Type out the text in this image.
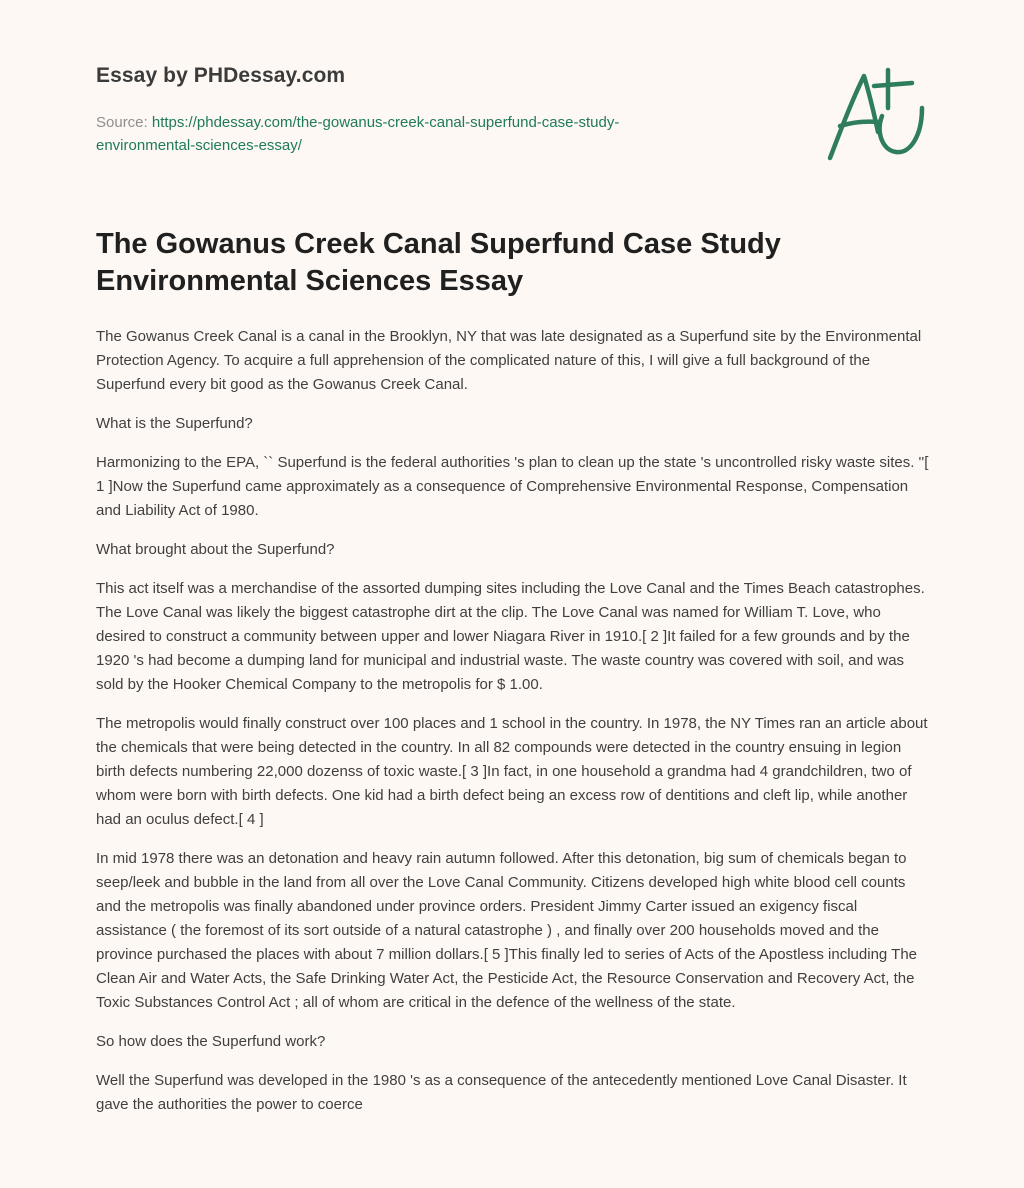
Essay by PHDessay.com

Source: https://phdessay.com/the-gowanus-creek-canal-superfund-case-study-
environmental-sciences-essay/

The Gowanus Creek Canal Superfund Case Study
Environmental Sciences Essay

The Gowanus Creek Canal is a canal in the Brooklyn, NY that was late designated as a Superfund site by the Environmental Protection Agency. To acquire a full apprehension of the complicated nature of this, I will give a full background of the Superfund every bit good as the Gowanus Creek Canal.

What is the Superfund?

Harmonizing to the EPA, `` Superfund is the federal authorities 's plan to clean up the state 's uncontrolled risky waste sites. ''[ 1 ]Now the Superfund came approximately as a consequence of Comprehensive Environmental Response, Compensation and Liability Act of 1980.

What brought about the Superfund?

This act itself was a merchandise of the assorted dumping sites including the Love Canal and the Times Beach catastrophes. The Love Canal was likely the biggest catastrophe dirt at the clip. The Love Canal was named for William T. Love, who desired to construct a community between upper and lower Niagara River in 1910.[ 2 ]It failed for a few grounds and by the 1920 's had become a dumping land for municipal and industrial waste. The waste country was covered with soil, and was sold by the Hooker Chemical Company to the metropolis for $ 1.00.

The metropolis would finally construct over 100 places and 1 school in the country. In 1978, the NY Times ran an article about the chemicals that were being detected in the country. In all 82 compounds were detected in the country ensuing in legion birth defects numbering 22,000 dozenss of toxic waste.[ 3 ]In fact, in one household a grandma had 4 grandchildren, two of whom were born with birth defects. One kid had a birth defect being an excess row of dentitions and cleft lip, while another had an oculus defect.[ 4 ]

In mid 1978 there was an detonation and heavy rain autumn followed. After this detonation, big sum of chemicals began to seep/leek and bubble in the land from all over the Love Canal Community. Citizens developed high white blood cell counts and the metropolis was finally abandoned under province orders. President Jimmy Carter issued an exigency fiscal assistance ( the foremost of its sort outside of a natural catastrophe ) , and finally over 200 households moved and the province purchased the places with about 7 million dollars.[ 5 ]This finally led to series of Acts of the Apostless including The Clean Air and Water Acts, the Safe Drinking Water Act, the Pesticide Act, the Resource Conservation and Recovery Act, the Toxic Substances Control Act ; all of whom are critical in the defence of the wellness of the state.

So how does the Superfund work?

Well the Superfund was developed in the 1980 's as a consequence of the antecedently mentioned Love Canal Disaster. It gave the authorities the power to coerce
